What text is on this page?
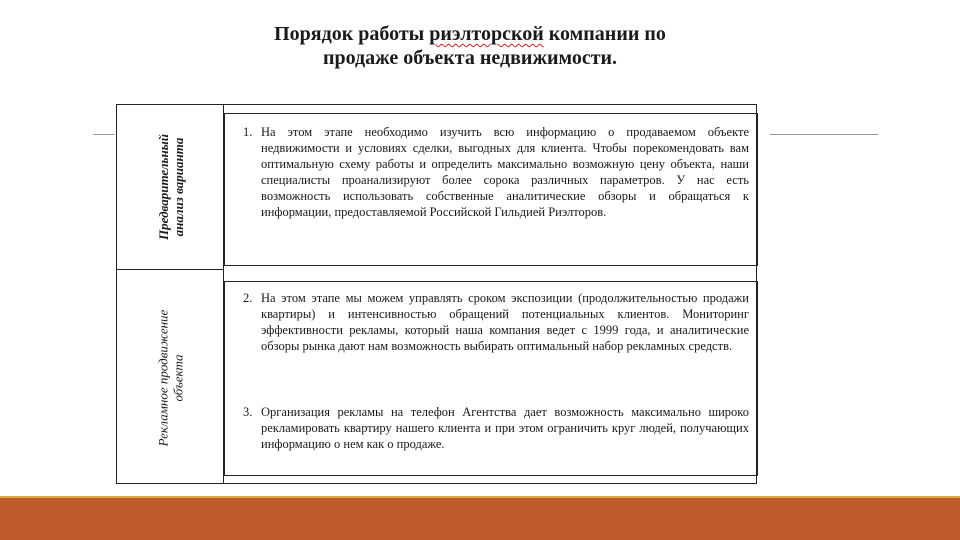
Порядок работы риэлторской компании по
продаже объекта недвижимости.
Предварительный
анализ варианта
Рекламное продвижение
объекта

1. На этом этапе необходимо изучить всю информацию о продаваемом объекте недвижимости и условиях сделки, выгодных для клиента. Чтобы порекомендовать вам оптимальную схему работы и определить максимально возможную цену объекта, наши специалисты проанализируют более сорока различных параметров. У нас есть возможность использовать собственные аналитические обзоры и обращаться к информации, предоставляемой Российской Гильдией Риэлторов.

2. На этом этапе мы можем управлять сроком экспозиции (продолжительностью продажи квартиры) и интенсивностью обращений потенциальных клиентов. Мониторинг эффективности рекламы, который наша компания ведет с 1999 года, и аналитические обзоры рынка дают нам возможность выбирать оптимальный набор рекламных средств.

3. Организация рекламы на телефон Агентства дает возможность максимально широко рекламировать квартиру нашего клиента и при этом ограничить круг людей, получающих информацию о нем как о продаже.
